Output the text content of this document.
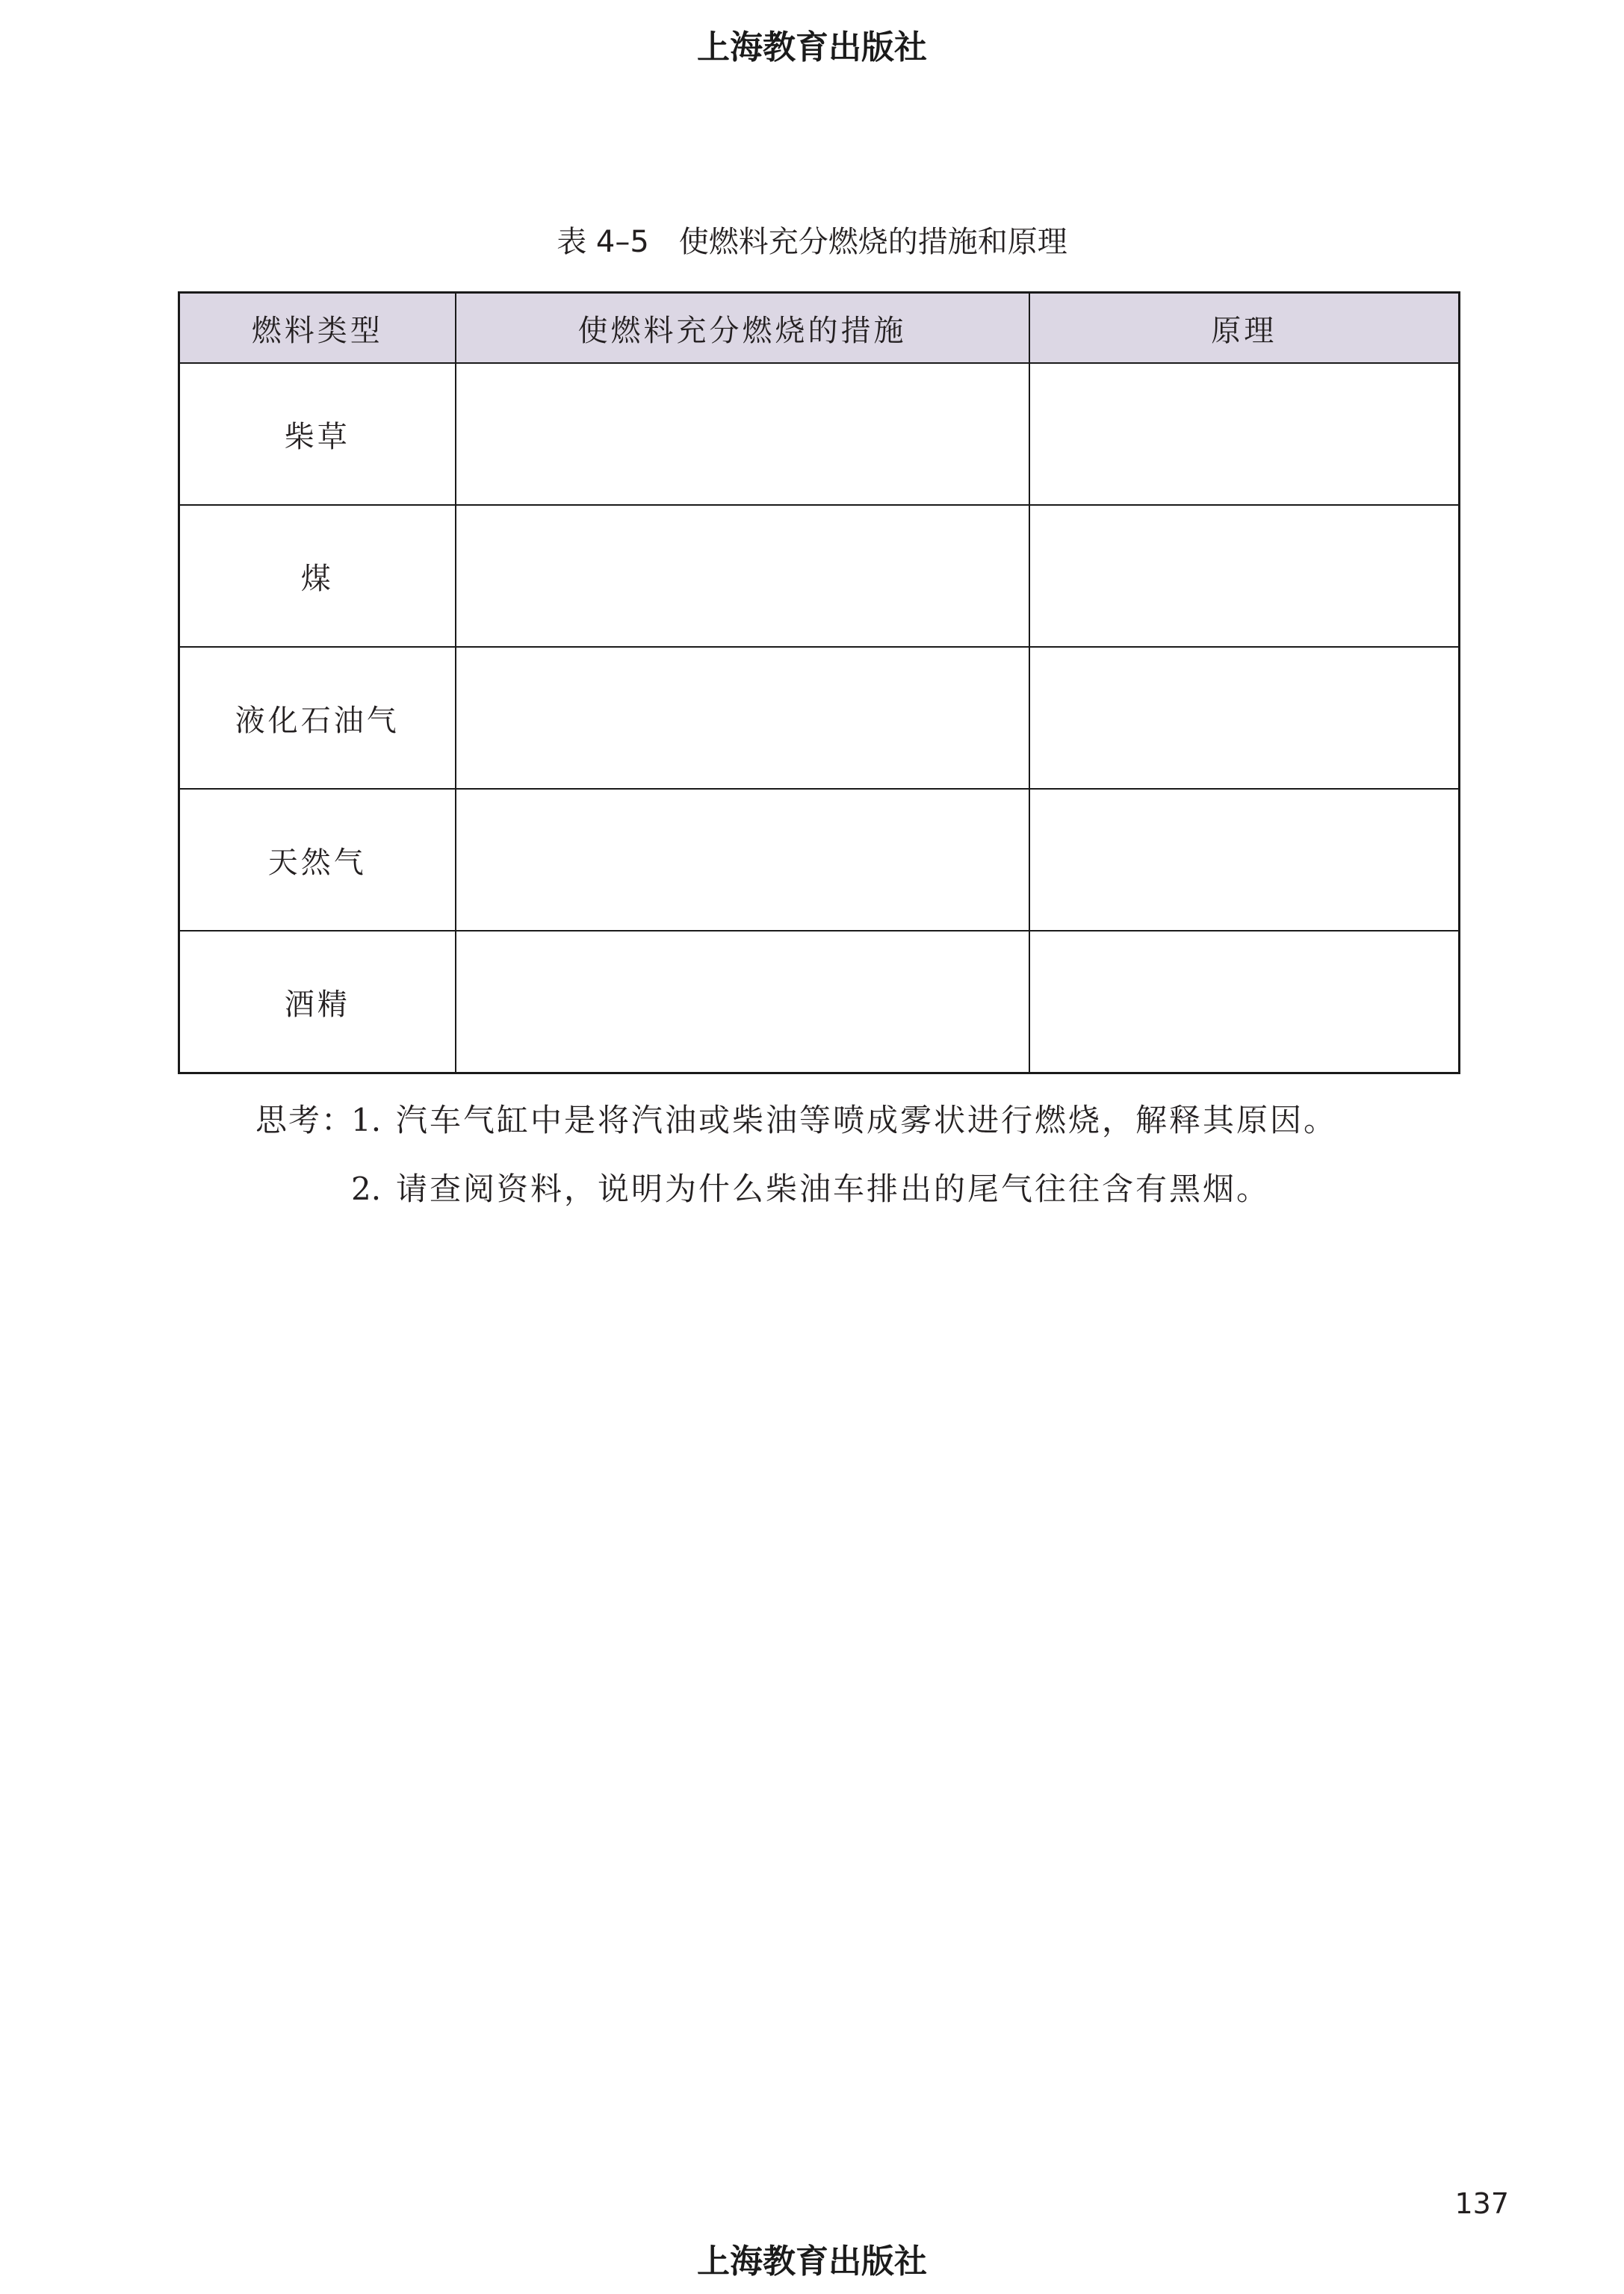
上海教育出版社
表 4–5　使燃料充分燃烧的措施和原理
燃料类型	使燃料充分燃烧的措施	原理
柴草		
煤		
液化石油气		
天然气		
酒精		
思考：
1. 汽车气缸中是将汽油或柴油等喷成雾状进行燃烧，解释其原因。
2. 请查阅资料，说明为什么柴油车排出的尾气往往含有黑烟。
137
上海教育出版社
